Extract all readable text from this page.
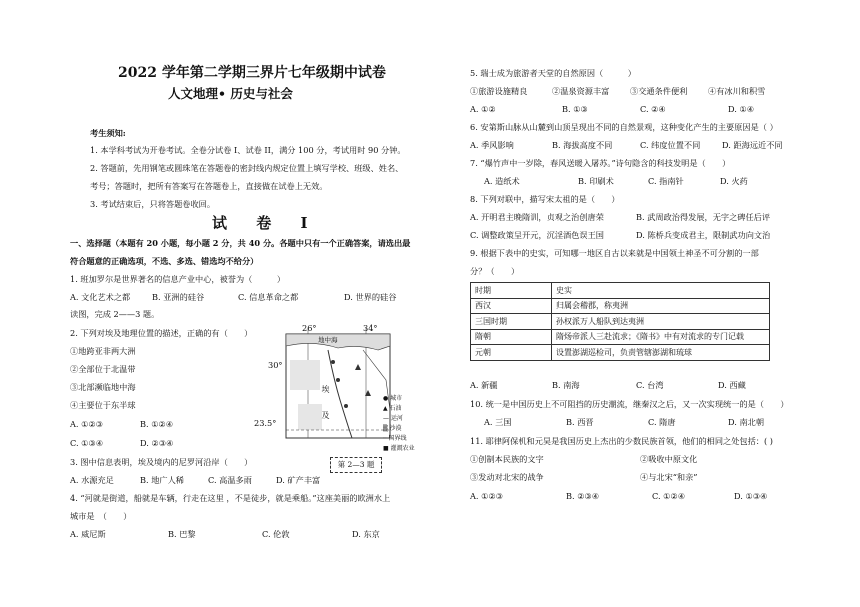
2022 学年第二学期三界片七年级期中试卷
人文地理• 历史与社会
考生须知:
1. 本学科考试为开卷考试。全卷分试卷 I、试卷 II，满分 100 分，考试用时 90 分钟。
2. 答题前，先用钢笔或圆珠笔在答题卷的密封线内规定位置上填写学校、班级、姓名、
考号；答题时，把所有答案写在答题卷上，直接做在试卷上无效。
3. 考试结束后，只将答题卷收回。
试 卷 I
一、选择题（本题有 20 小题，每小题 2 分，共 40 分。各题中只有一个正确答案，请选出最
符合题意的正确选项，不选、多选、错选均不给分）
1. 班加罗尔是世界著名的信息产业中心，被誉为（　　　）
A. 文化艺术之都	B. 亚洲的硅谷	C. 信息革命之都	D. 世界的硅谷
读图，完成 2——3 题。
2. 下列对埃及地理位置的描述，正确的有（　　）
①地跨亚非两大洲
②全部位于北温带
③北部濒临地中海
④主要位于东半球
A. ①②③	B. ①②④
C. ①③④	D. ②③④
3. 图中信息表明，埃及境内的尼罗河沿岸（　　）
A. 水源充足	B. 地广人稀	C. 高温多雨	D. 矿产丰富
4. “河就是街道，船就是车辆，行走在这里 ，不是徒步，就是乘船。”这座美丽的欧洲水上
城市是　（　　）
A. 威尼斯	B. 巴黎	C. 伦敦	D. 东京
26°	34°
30°
23.5°
地中海
埃及	● 城市
▲ 石油
— 运河
▒ 沙漠
┄ 国界线
■ 灌溉农业
第 2—3 题
5. 瑞士成为旅游者天堂的自然原因（　　　）
①旅游设施精良	②温泉资源丰富	③交通条件便利	④有冰川和积雪
A. ①②	B. ①③	C. ②④	D. ①④
6. 安第斯山脉从山麓到山顶呈现出不同的自然景观，这种变化产生的主要原因是（ ）
A. 季风影响	B. 海拔高度不同	C. 纬度位置不同	D. 距海远近不同
7. “爆竹声中一岁除，春风送暖入屠苏。”诗句隐含的科技发明是（　　）
A. 造纸术	B. 印刷术	C. 指南针	D. 火药
8. 下列对联中，描写宋太祖的是（　　）
A. 开明君主晚隋训，贞观之治创唐荣	B. 武周政治得发展，无字之碑任后评
C. 调整政策呈开元，沉淫酒色误王国	D. 陈桥兵变成君主，限制武功向文治
9. 根据下表中的史实，可知哪一地区自古以来就是中国领土神圣不可分割的一部
分？（　　）
时期	史实
西汉	归属会稽郡，称夷洲
三国时期	孙权派万人船队到达夷洲
隋朝	隋炀帝派人三赴流求；《隋书》中有对流求的专门记载
元朝	设置澎湖巡检司，负责管辖澎湖和琉球
A. 新疆	B. 南海	C. 台湾	D. 西藏
10. 统一是中国历史上不可阻挡的历史潮流，继秦汉之后，又一次实现统一的是（　　）
A. 三国	B. 西晋	C. 隋唐	D. 南北朝
11. 耶律阿保机和元昊是我国历史上杰出的少数民族首领，他们的相同之处包括：( )
①创制本民族的文字	②吸收中原文化
③发动对北宋的战争	④与北宋“和亲”
A. ①②③	B. ②③④	C. ①②④	D. ①③④
